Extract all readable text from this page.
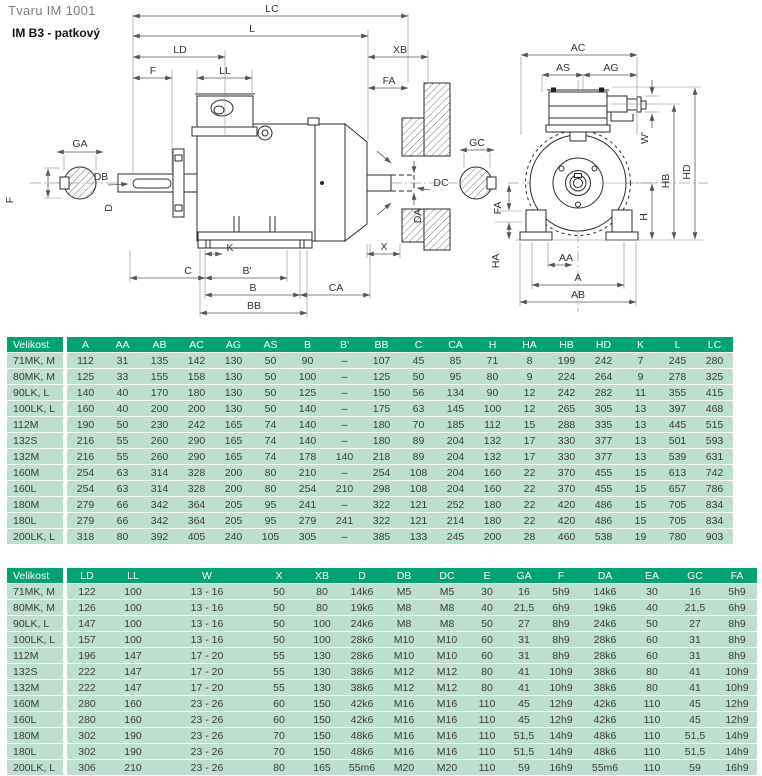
Tvaru IM 1001
IM B3 - patkový
GA
F
DB
D
DA
DC
LC
L
LD	XB
F	LL
FA
K	X
C	B'
B	CA
BB
GC
AC
AS	AG
W'
H
HB
HD
FA
HA	AA
A
AB
Velikost	A	AA	AB	AC	AG	AS	B	B'	BB	C	CA	H	HA	HB	HD	K	L	LC
71MK, M	112	31	135	142	130	50	90	–	107	45	85	71	8	199	242	7	245	280
80MK, M	125	33	155	158	130	50	100	–	125	50	95	80	9	224	264	9	278	325
90LK, L	140	40	170	180	130	50	125	–	150	56	134	90	12	242	282	11	355	415
100LK, L	160	40	200	200	130	50	140	–	175	63	145	100	12	265	305	13	397	468
112M	190	50	230	242	165	74	140	–	180	70	185	112	15	288	335	13	445	515
132S	216	55	260	290	165	74	140	–	180	89	204	132	17	330	377	13	501	593
132M	216	55	260	290	165	74	178	140	218	89	204	132	17	330	377	13	539	631
160M	254	63	314	328	200	80	210	–	254	108	204	160	22	370	455	15	613	742
160L	254	63	314	328	200	80	254	210	298	108	204	160	22	370	455	15	657	786
180M	279	66	342	364	205	95	241	–	322	121	252	180	22	420	486	15	705	834
180L	279	66	342	364	205	95	279	241	322	121	214	180	22	420	486	15	705	834
200LK, L	318	80	392	405	240	105	305	–	385	133	245	200	28	460	538	19	780	903
Velikost	LD	LL	W	X	XB	D	DB	DC	E	GA	F	DA	EA	GC	FA
71MK, M	122	100	13 - 16	50	80	14k6	M5	M5	30	16	5h9	14k6	30	16	5h9
80MK, M	126	100	13 - 16	50	80	19k6	M8	M8	40	21,5	6h9	19k6	40	21,5	6h9
90LK, L	147	100	13 - 16	50	100	24k6	M8	M8	50	27	8h9	24k6	50	27	8h9
100LK, L	157	100	13 - 16	50	100	28k6	M10	M10	60	31	8h9	28k6	60	31	8h9
112M	196	147	17 - 20	55	130	28k6	M10	M10	60	31	8h9	28k6	60	31	8h9
132S	222	147	17 - 20	55	130	38k6	M12	M12	80	41	10h9	38k6	80	41	10h9
132M	222	147	17 - 20	55	130	38k6	M12	M12	80	41	10h9	38k6	80	41	10h9
160M	280	160	23 - 26	60	150	42k6	M16	M16	110	45	12h9	42k6	110	45	12h9
160L	280	160	23 - 26	60	150	42k6	M16	M16	110	45	12h9	42k6	110	45	12h9
180M	302	190	23 - 26	70	150	48k6	M16	M16	110	51,5	14h9	48k6	110	51,5	14h9
180L	302	190	23 - 26	70	150	48k6	M16	M16	110	51,5	14h9	48k6	110	51,5	14h9
200LK, L	306	210	23 - 26	80	165	55m6	M20	M20	110	59	16h9	55m6	110	59	16h9
